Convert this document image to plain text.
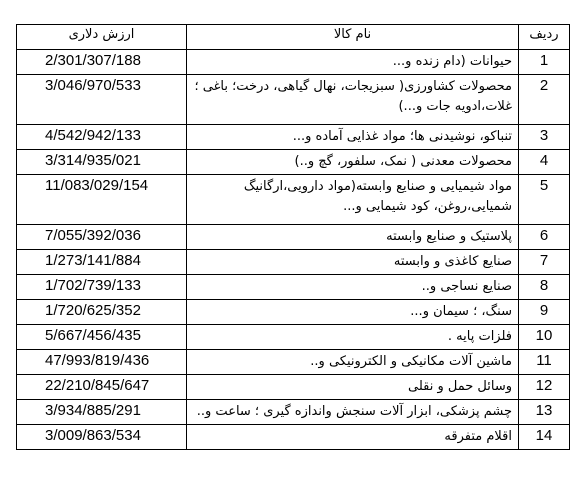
ردیف	نام کالا	ارزش دلاری
1	حیوانات (دام زنده و...	2/301/307/188
2	محصولات کشاورزی( سبزیجات، نهال گیاهی، درخت؛ باغی ؛ غلات،ادویه جات و...)	3/046/970/533
3	تنباکو، نوشیدنی ها؛ مواد غذایی آماده و...	4/542/942/133
4	محصولات معدنی ( نمک، سلفور، گچ و..)	3/314/935/021
5	مواد شیمیایی و صنایع وابسته(مواد دارویی،ارگانیگ شمیایی،روغن، کود شیمایی و...	11/083/029/154
6	پلاستیک و صنایع وابسته	7/055/392/036
7	صنایع کاغذی و وابسته	1/273/141/884
8	صنایع نساجی و..	1/702/739/133
9	سنگ، ؛ سیمان و...	1/720/625/352
10	فلزات پایه .	5/667/456/435
11	ماشین آلات مکانیکی و الکترونیکی و..	47/993/819/436
12	وسائل حمل و نقلی	22/210/845/647
13	چشم پزشکی، ابزار آلات سنجش واندازه گیری ؛ ساعت و..	3/934/885/291
14	اقلام متفرقه	3/009/863/534
